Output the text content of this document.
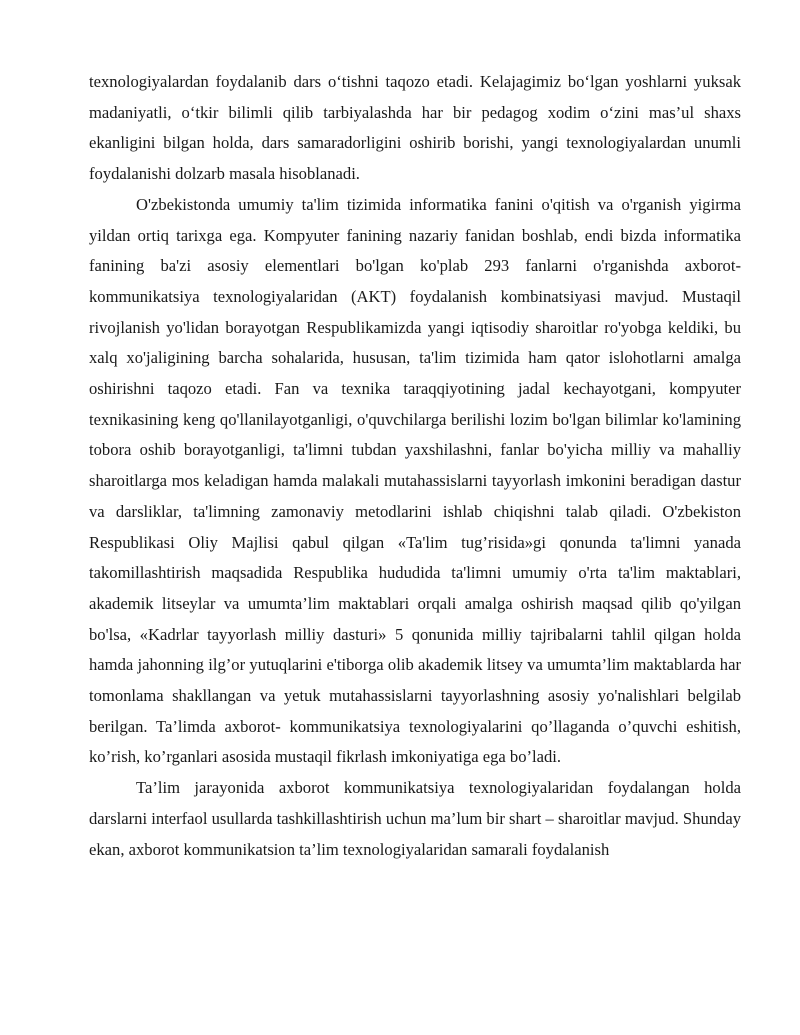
texnologiyalardan foydalanib dars o‘tishni taqozo etadi. Kelajagimiz bo‘lgan yoshlarni yuksak madaniyatli, o‘tkir bilimli qilib tarbiyalashda har bir pedagog xodim o‘zini mas’ul shaxs ekanligini bilgan holda, dars samaradorligini oshirib borishi, yangi texnologiyalardan unumli foydalanishi dolzarb masala hisoblanadi.

O'zbekistonda umumiy ta'lim tizimida informatika fanini o'qitish va o'rganish yigirma yildan ortiq tarixga ega. Kompyuter fanining nazariy fanidan boshlab, endi bizda informatika fanining ba'zi asosiy elementlari bo'lgan ko'plab 293 fanlarni o'rganishda axborot-kommunikatsiya texnologiyalaridan (AKT) foydalanish kombinatsiyasi mavjud. Mustaqil rivojlanish yo'lidan borayotgan Respublikamizda yangi iqtisodiy sharoitlar ro'yobga keldiki, bu xalq xo'jaligining barcha sohalarida, hususan, ta'lim tizimida ham qator islohotlarni amalga oshirishni taqozo etadi. Fan va texnika taraqqiyotining jadal kechayotgani, kompyuter texnikasining keng qo'llanilayotganligi, o'quvchilarga berilishi lozim bo'lgan bilimlar ko'lamining tobora oshib borayotganligi, ta'limni tubdan yaxshilashni, fanlar bo'yicha milliy va mahalliy sharoitlarga mos keladigan hamda malakali mutahassislarni tayyorlash imkonini beradigan dastur va darsliklar, ta'limning zamonaviy metodlarini ishlab chiqishni talab qiladi. O'zbekiston Respublikasi Oliy Majlisi qabul qilgan «Ta'lim tug’risida»gi qonunda ta'limni yanada takomillashtirish maqsadida Respublika hududida ta'limni umumiy o'rta ta'lim maktablari, akademik litseylar va umumta’lim maktablari orqali amalga oshirish maqsad qilib qo'yilgan bo'lsa, «Kadrlar tayyorlash milliy dasturi» 5 qonunida milliy tajribalarni tahlil qilgan holda hamda jahonning ilg’or yutuqlarini e'tiborga olib akademik litsey va umumta’lim maktablarda har tomonlama shakllangan va yetuk mutahassislarni tayyorlashning asosiy yo'nalishlari belgilab berilgan. Ta’limda axborot- kommunikatsiya texnologiyalarini qo’llaganda o’quvchi eshitish, ko’rish, ko’rganlari asosida mustaqil fikrlash imkoniyatiga ega bo’ladi.

Ta’lim jarayonida axborot kommunikatsiya texnologiyalaridan foydalangan holda darslarni interfaol usullarda tashkillashtirish uchun ma’lum bir shart – sharoitlar mavjud. Shunday ekan, axborot kommunikatsion ta’lim texnologiyalaridan samarali foydalanish
